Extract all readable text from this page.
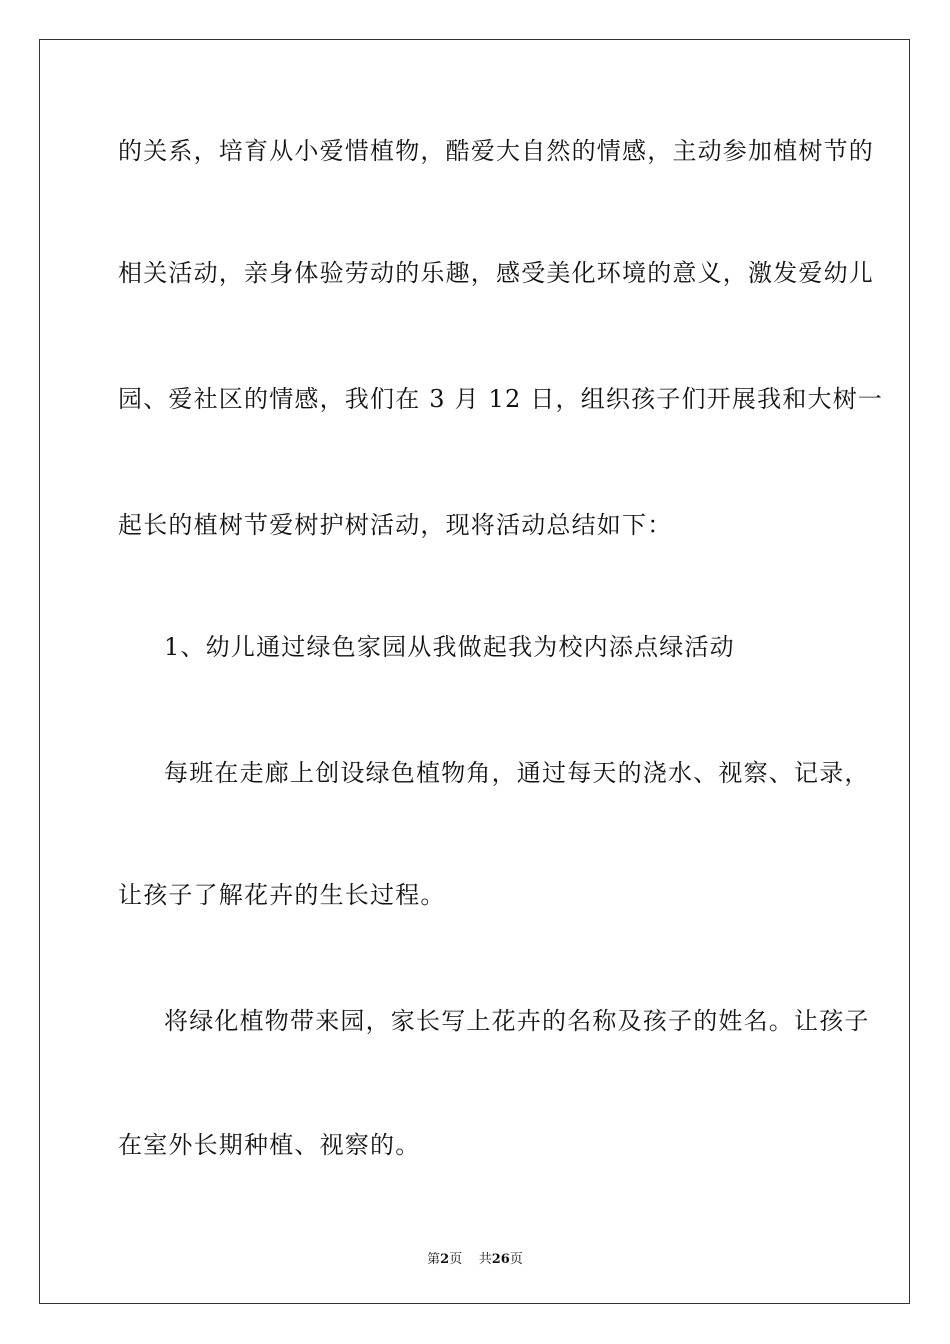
的关系，培育从小爱惜植物，酷爱大自然的情感，主动参加植树节的
相关活动，亲身体验劳动的乐趣，感受美化环境的意义，激发爱幼儿
园、爱社区的情感，我们在 3 月 12 日，组织孩子们开展我和大树一
起长的植树节爱树护树活动，现将活动总结如下：
1、幼儿通过绿色家园从我做起我为校内添点绿活动
每班在走廊上创设绿色植物角，通过每天的浇水、视察、记录，
让孩子了解花卉的生长过程。
将绿化植物带来园，家长写上花卉的名称及孩子的姓名。让孩子
在室外长期种植、视察的。
第2页    共26页
